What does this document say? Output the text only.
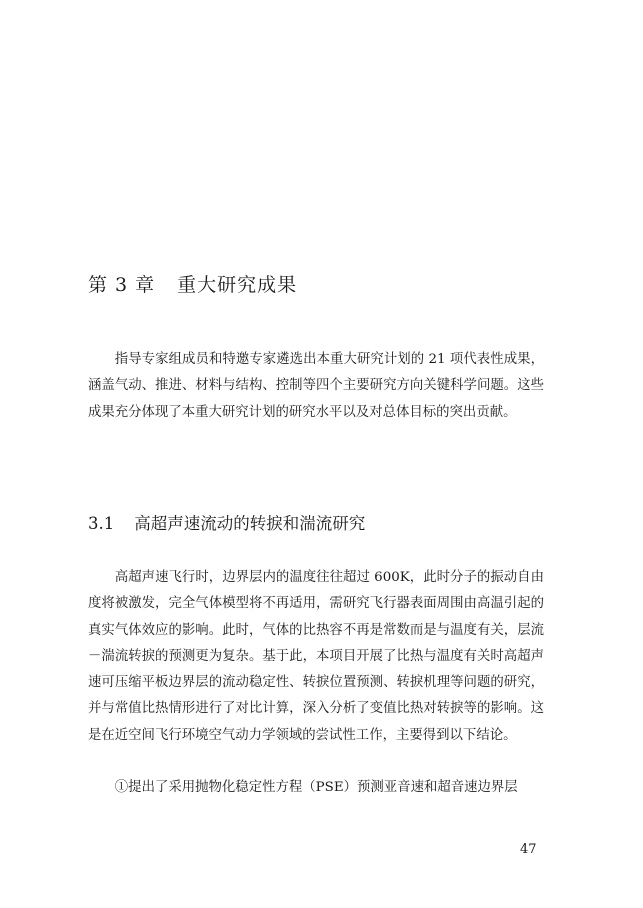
第 3 章 重大研究成果

指导专家组成员和特邀专家遴选出本重大研究计划的 21 项代表性成果，涵盖气动、推进、材料与结构、控制等四个主要研究方向关键科学问题。这些成果充分体现了本重大研究计划的研究水平以及对总体目标的突出贡献。

3.1 高超声速流动的转捩和湍流研究

高超声速飞行时，边界层内的温度往往超过 600K，此时分子的振动自由度将被激发，完全气体模型将不再适用，需研究飞行器表面周围由高温引起的真实气体效应的影响。此时，气体的比热容不再是常数而是与温度有关，层流－湍流转捩的预测更为复杂。基于此，本项目开展了比热与温度有关时高超声速可压缩平板边界层的流动稳定性、转捩位置预测、转捩机理等问题的研究，并与常值比热情形进行了对比计算，深入分析了变值比热对转捩等的影响。这是在近空间飞行环境空气动力学领域的尝试性工作，主要得到以下结论。

①提出了采用抛物化稳定性方程（PSE）预测亚音速和超音速边界层

47
